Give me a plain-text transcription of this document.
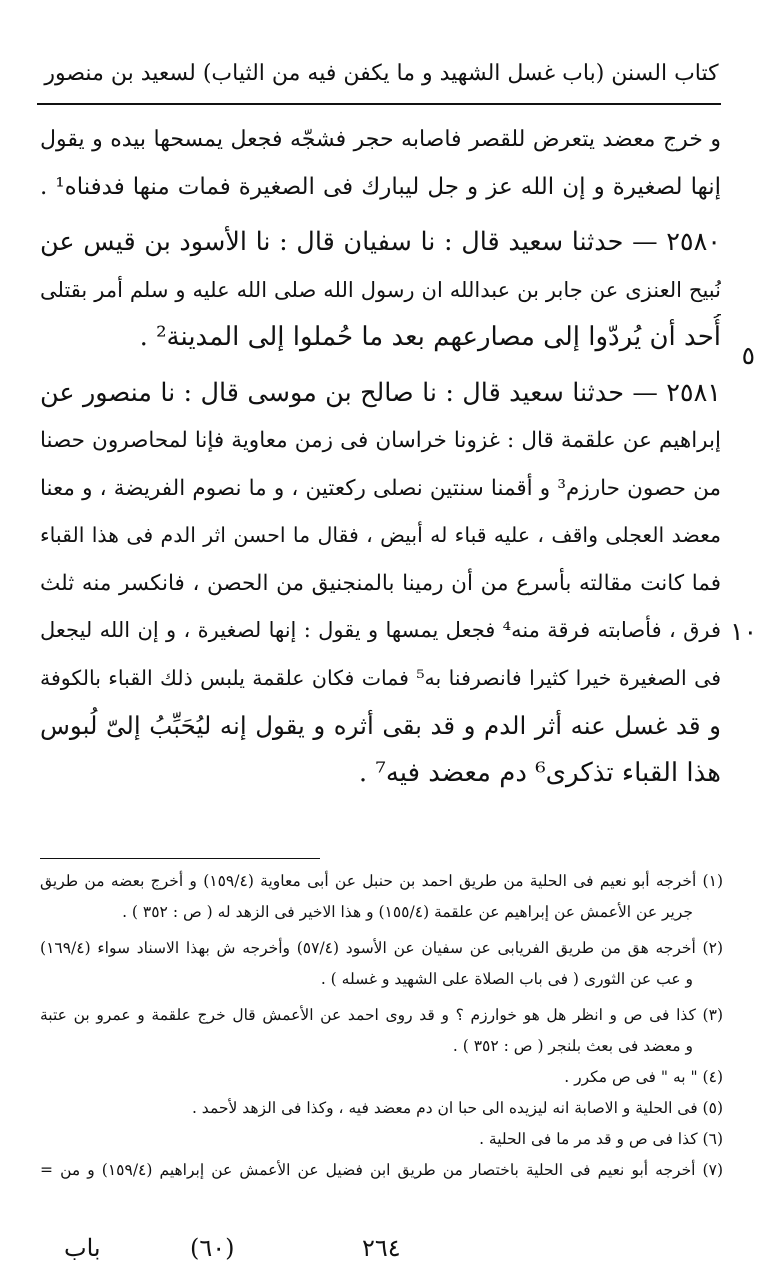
كتاب السنن (باب غسل الشهيد و ما يكفن فيه من الثياب) لسعيد بن منصور
و خرج معضد يتعرض للقصر فاصابه حجر فشجّه فجعل يمسحها بيده و يقول
إنها لصغيرة و إن الله عز و جل ليبارك فى الصغيرة فمات منها فدفناه¹ .
٢٥٨٠ — حدثنا سعيد قال : نا سفيان قال : نا الأسود بن قيس عن
نُبيح العنزى عن جابر بن عبدالله ان رسول الله صلى الله عليه و سلم أمر بقتلى
أُحد أن يُردّوا إلى مصارعهم بعد ما حُملوا إلى المدينة² .
٢٥٨١ — حدثنا سعيد قال : نا صالح بن موسى قال : نا منصور عن
إبراهيم عن علقمة قال : غزونا خراسان فى زمن معاوية فإنا لمحاصرون حصنا
من حصون حارزم³ و أقمنا سنتين نصلى ركعتين ، و ما نصوم الفريضة ، و معنا
معضد العجلى واقف ، عليه قباء له أبيض ، فقال ما احسن اثر الدم فى هذا القباء
فما كانت مقالته بأسرع من أن رمينا بالمنجنيق من الحصن ، فانكسر منه ثلث
فرق ، فأصابته فرقة منه⁴ فجعل يمسها و يقول : إنها لصغيرة ، و إن الله ليجعل
فى الصغيرة خيرا كثيرا فانصرفنا به⁵ فمات فكان علقمة يلبس ذلك القباء بالكوفة
و قد غسل عنه أثر الدم و قد بقى أثره و يقول إنه ليُحَبِّبُ إلىّ لُبوس
هذا القباء تذكرى⁶ دم معضد فيه⁷ .
٥
١٠
(١) أخرجه أبو نعيم فى الحلية من طريق احمد بن حنبل عن أبى معاوية (١٥٩/٤) و أخرج بعضه من طريق
جرير عن الأعمش عن إبراهيم عن علقمة (١٥٥/٤) و هذا الاخير فى الزهد له ( ص : ٣٥٢ ) .
(٢) أخرجه هق من طريق الفريابى عن سفيان عن الأسود (٥٧/٤) وأخرجه ش بهذا الاسناد سواء (١٦٩/٤)
و عب عن الثورى ( فى باب الصلاة على الشهيد و غسله ) .
(٣) كذا فى ص و انظر هل هو خوارزم ؟ و قد روى احمد عن الأعمش قال خرج علقمة و عمرو بن عتبة
و معضد فى بعث بلنجر ( ص : ٣٥٢ ) .
(٤) " به " فى ص مكرر .
(٥) فى الحلية و الاصابة انه ليزيده الى حبا ان دم معضد فيه ، وكذا فى الزهد لأحمد .
(٦) كذا فى ص و قد مر ما فى الحلية .
(٧) أخرجه أبو نعيم فى الحلية باختصار من طريق ابن فضيل عن الأعمش عن إبراهيم (١٥٩/٤) و من =
باب	(٦٠)	٢٦٤
